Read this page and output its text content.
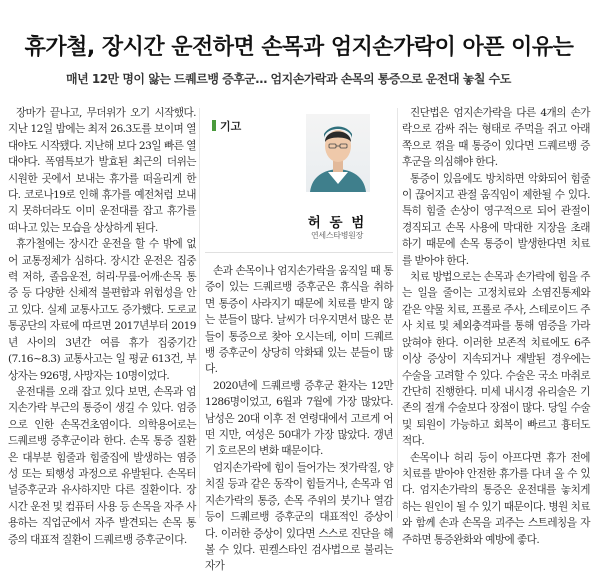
휴가철, 장시간 운전하면 손목과 엄지손가락이 아픈 이유는
매년 12만 명이 앓는 드퀘르뱅 증후군… 엄지손가락과 손목의 통증으로 운전대 놓칠 수도

장마가 끝나고, 무더위가 오기 시작했다. 지난 12일 밤에는 최저 26.3도를 보이며 열대야도 시작됐다. 지난해 보다 23일 빠른 열대야다. 폭염특보가 발효된 최근의 더위는 시원한 곳에서 보내는 휴가를 떠올리게 한다. 코로나19로 인해 휴가를 예전처럼 보내지 못하더라도 이미 운전대를 잡고 휴가를 떠나고 있는 모습을 상상하게 된다.

휴가철에는 장시간 운전을 할 수 밖에 없어 교통정체가 심하다. 장시간 운전은 집중력 저하, 졸음운전, 허리·무릎·어깨·손목 통증 등 다양한 신체적 불편함과 위험성을 안고 있다. 실제 교통사고도 증가했다. 도로교통공단의 자료에 따르면 2017년부터 2019년 사이의 3년간 여름 휴가 집중기간(7.16~8.3) 교통사고는 일 평균 613건, 부상자는 926명, 사망자는 10명이었다.

운전대를 오래 잡고 있다 보면, 손목과 엄지손가락 부근의 통증이 생길 수 있다. 엄증으로 인한 손목건초염이다. 의학용어로는 드퀘르뱅 증후군이라 한다. 손목 통증 질환은 대부분 힘줄과 힘줄집에 발생하는 염증성 또는 퇴행성 과정으로 유발된다. 손목터널증후군과 유사하지만 다른 질환이다. 장시간 운전 및 컴퓨터 사용 등 손목을 자주 사용하는 직업군에서 자주 발견되는 손목 통증의 대표적 질환이 드퀘르뱅 증후군이다.

기고
허 동 범
연세스타병원장

손과 손목이나 엄지손가락을 움직일 때 통증이 있는 드퀘르뱅 증후군은 휴식을 취하면 통증이 사라지기 때문에 치료를 받지 않는 분들이 많다. 날씨가 더우지면서 많은 분들이 통증으로 찾아 오시는데, 이미 드퀘르뱅 증후군이 상당히 악화돼 있는 분들이 많다.

2020년에 드퀘르뱅 증후군 환자는 12만 1286명이었고, 6월과 7월에 가장 많았다. 남성은 20대 이후 전 연령대에서 고르게 어떤 지만, 여성은 50대가 가장 많았다. 갱년기 호르몬의 변화 때문이다.

엄지손가락에 힘이 들어가는 젓가락질, 양치질 등과 같은 동작이 힘들거나, 손목과 엄지손가락의 통증, 손목 주위의 붓기나 열감 등이 드퀘르뱅 증후군의 대표적인 증상이다. 이러한 증상이 있다면 스스로 진단을 해볼 수 있다. 핀켈스타인 검사법으로 불리는 자가

진단법은 엄지손가락을 다른 4개의 손가락으로 감싸 쥐는 형태로 주먹을 쥐고 아래쪽으로 꺾을 때 통증이 있다면 드퀘르뱅 증후군을 의심해야 한다.

통증이 있음에도 방치하면 악화되어 힘줄이 끊어지고 관절 움직임이 제한될 수 있다. 특히 힘줄 손상이 영구적으로 되어 관절이 경직되고 손목 사용에 막대한 지장을 초래하기 때문에 손목 통증이 발생한다면 치료를 받아야 한다.

치료 방법으로는 손목과 손가락에 힘을 주는 일을 줄이는 고정치료와 소염진통제와 같은 약물 치료, 프롤로 주사, 스테로이드 주사 치료 및 체외충격파를 통해 염증을 가라 앉혀야 한다. 이러한 보존적 치료에도 6주 이상 증상이 지속되거나 재발된 경우에는 수술을 고려할 수 있다. 수술은 국소 마취로 간단히 진행한다. 미세 내시경 유리술은 기존의 절개 수술보다 장점이 많다. 당일 수술 및 퇴원이 가능하고 회복이 빠르고 흉터도 적다.

손목이나 허리 등이 아프다면 휴가 전에 치료를 받아야 안전한 휴가를 다녀 올 수 있다. 엄지손가락의 통증은 운전대를 놓치게 하는 원인이 될 수 있기 때문이다. 병원 치료와 함께 손과 손목을 괴주는 스트레칭을 자주하면 통증완화와 예방에 좋다.
